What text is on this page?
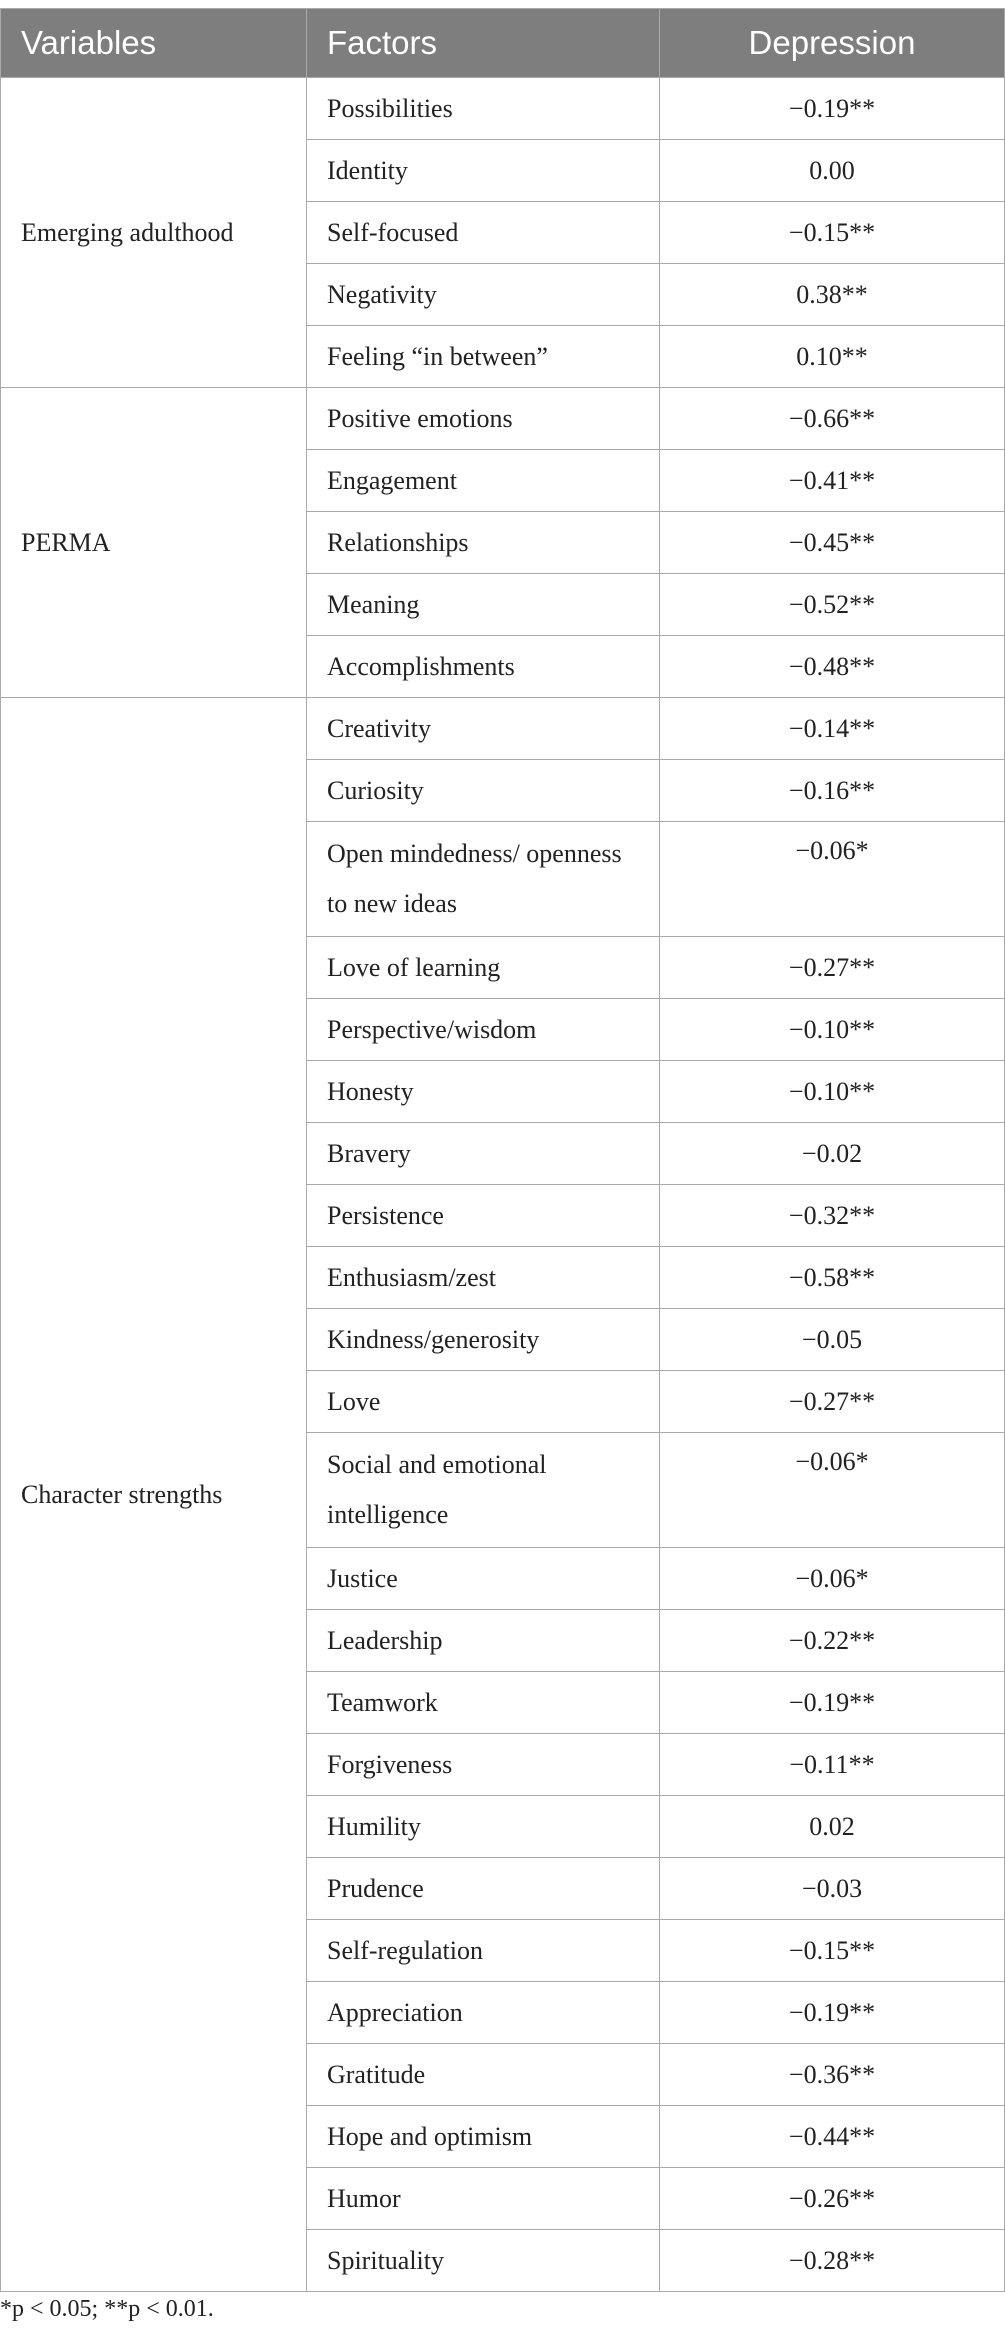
Variables	Factors	Depression
Emerging adulthood	Possibilities	−0.19**
	Identity	0.00
	Self-focused	−0.15**
	Negativity	0.38**
	Feeling “in between”	0.10**
PERMA	Positive emotions	−0.66**
	Engagement	−0.41**
	Relationships	−0.45**
	Meaning	−0.52**
	Accomplishments	−0.48**
Character strengths	Creativity	−0.14**
	Curiosity	−0.16**
	Open mindedness/ openness to new ideas	−0.06*
	Love of learning	−0.27**
	Perspective/wisdom	−0.10**
	Honesty	−0.10**
	Bravery	−0.02
	Persistence	−0.32**
	Enthusiasm/zest	−0.58**
	Kindness/generosity	−0.05
	Love	−0.27**
	Social and emotional intelligence	−0.06*
	Justice	−0.06*
	Leadership	−0.22**
	Teamwork	−0.19**
	Forgiveness	−0.11**
	Humility	0.02
	Prudence	−0.03
	Self-regulation	−0.15**
	Appreciation	−0.19**
	Gratitude	−0.36**
	Hope and optimism	−0.44**
	Humor	−0.26**
	Spirituality	−0.28**
*p < 0.05; **p < 0.01.
